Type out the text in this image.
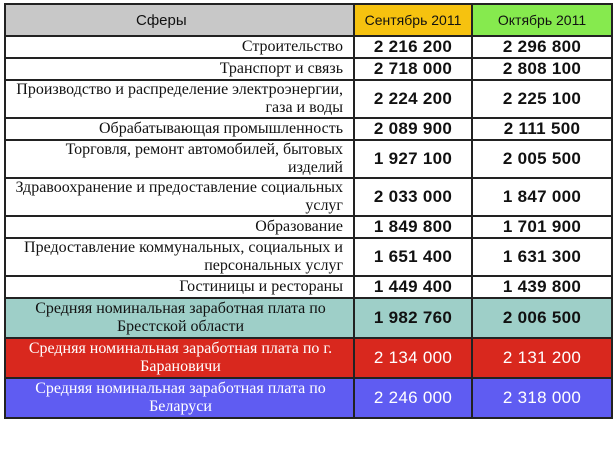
Сферы	Сентябрь 2011	Октябрь 2011
Строительство	2 216 200	2 296 800
Транспорт и связь	2 718 000	2 808 100
Производство и распределение электроэнергии, газа и воды	2 224 200	2 225 100
Обрабатывающая промышленность	2 089 900	2 111 500
Торговля, ремонт автомобилей, бытовых изделий	1 927 100	2 005 500
Здравоохранение и предоставление социальных услуг	2 033 000	1 847 000
Образование	1 849 800	1 701 900
Предоставление коммунальных, социальных и персональных услуг	1 651 400	1 631 300
Гостиницы и рестораны	1 449 400	1 439 800
Средняя номинальная заработная плата по Брестской области	1 982 760	2 006 500
Средняя номинальная заработная плата по г. Барановичи	2 134 000	2 131 200
Средняя номинальная заработная плата по Беларуси	2 246 000	2 318 000
